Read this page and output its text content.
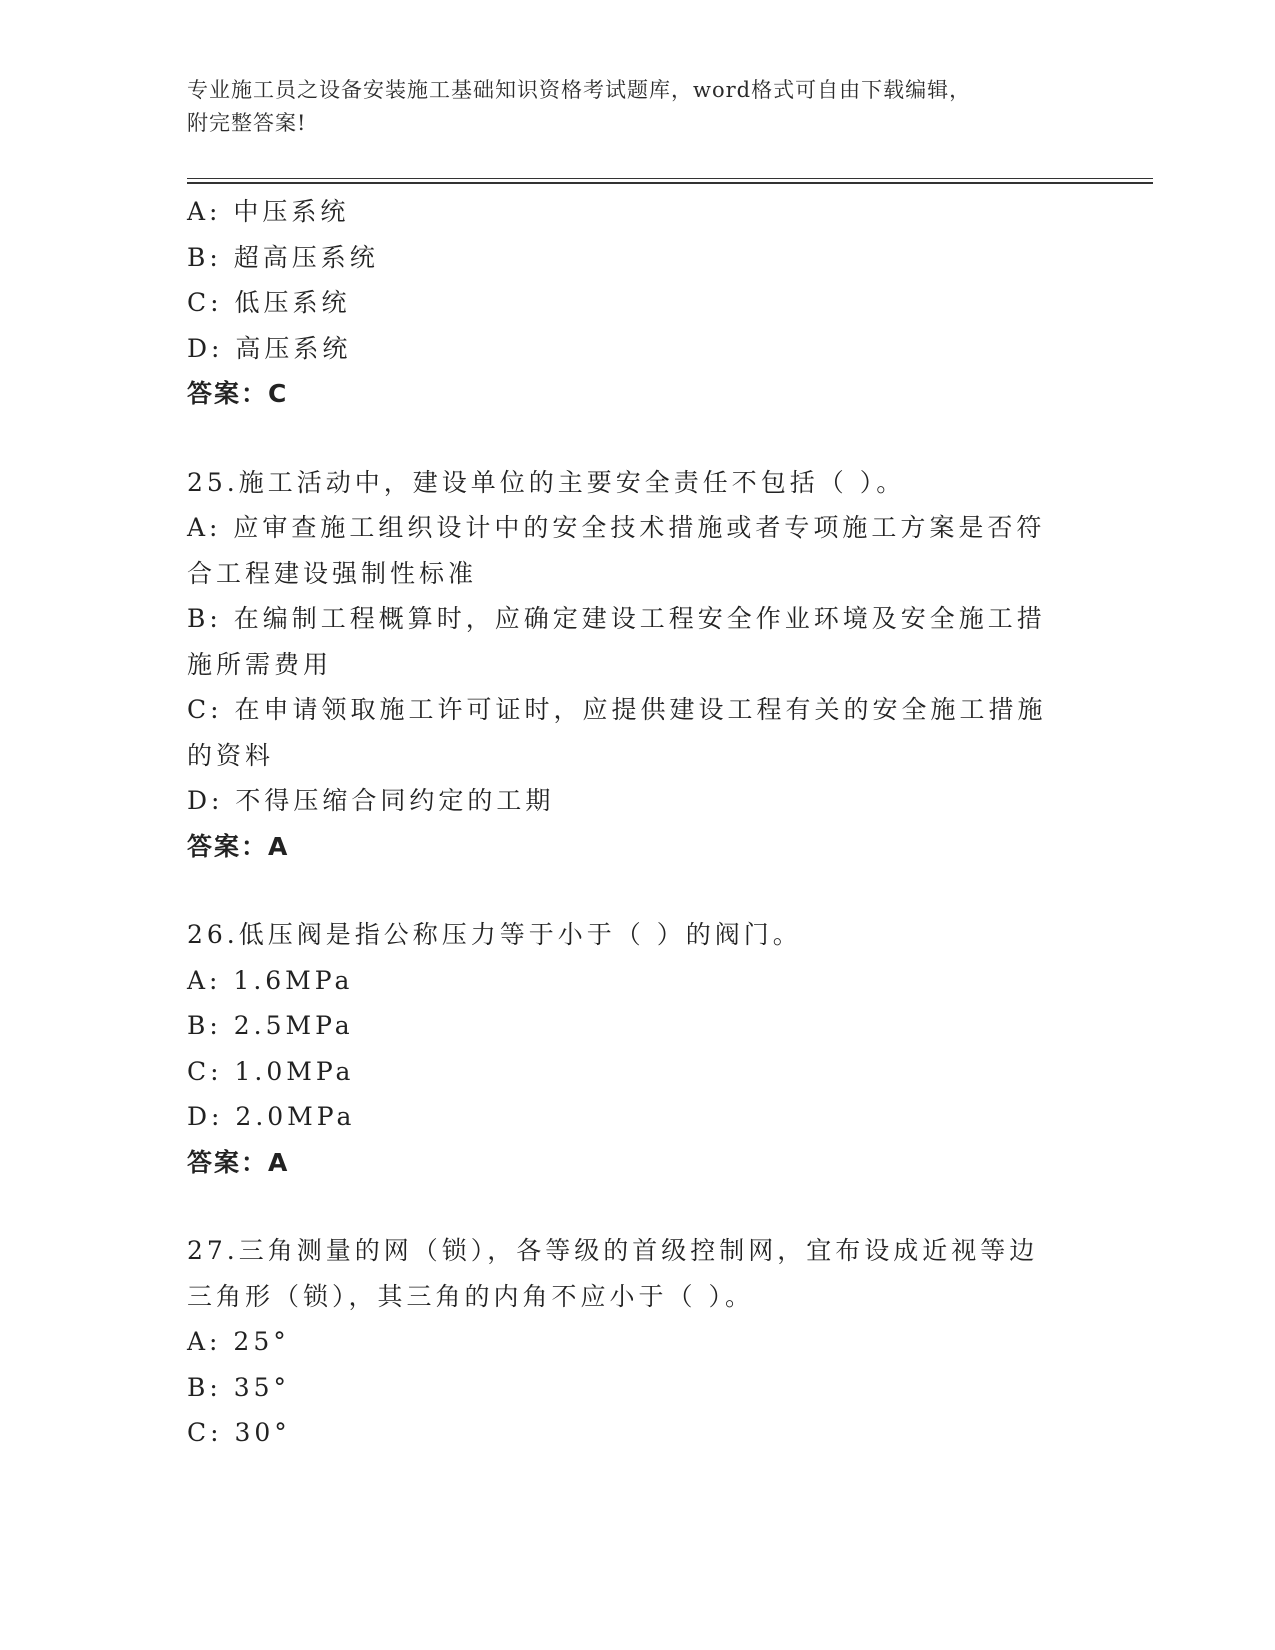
专业施工员之设备安装施工基础知识资格考试题库，word格式可自由下载编辑，
附完整答案!
A: 中压系统
B: 超高压系统
C: 低压系统
D: 高压系统
答案：C
25.施工活动中，建设单位的主要安全责任不包括（ ）。
A: 应审查施工组织设计中的安全技术措施或者专项施工方案是否符合工程建设强制性标准
B: 在编制工程概算时，应确定建设工程安全作业环境及安全施工措施所需费用
C: 在申请领取施工许可证时，应提供建设工程有关的安全施工措施的资料
D: 不得压缩合同约定的工期
答案：A
26.低压阀是指公称压力等于小于（ ）的阀门。
A: 1.6MPa
B: 2.5MPa
C: 1.0MPa
D: 2.0MPa
答案：A
27.三角测量的网（锁），各等级的首级控制网，宜布设成近视等边三角形（锁），其三角的内角不应小于（ ）。
A: 25°
B: 35°
C: 30°
